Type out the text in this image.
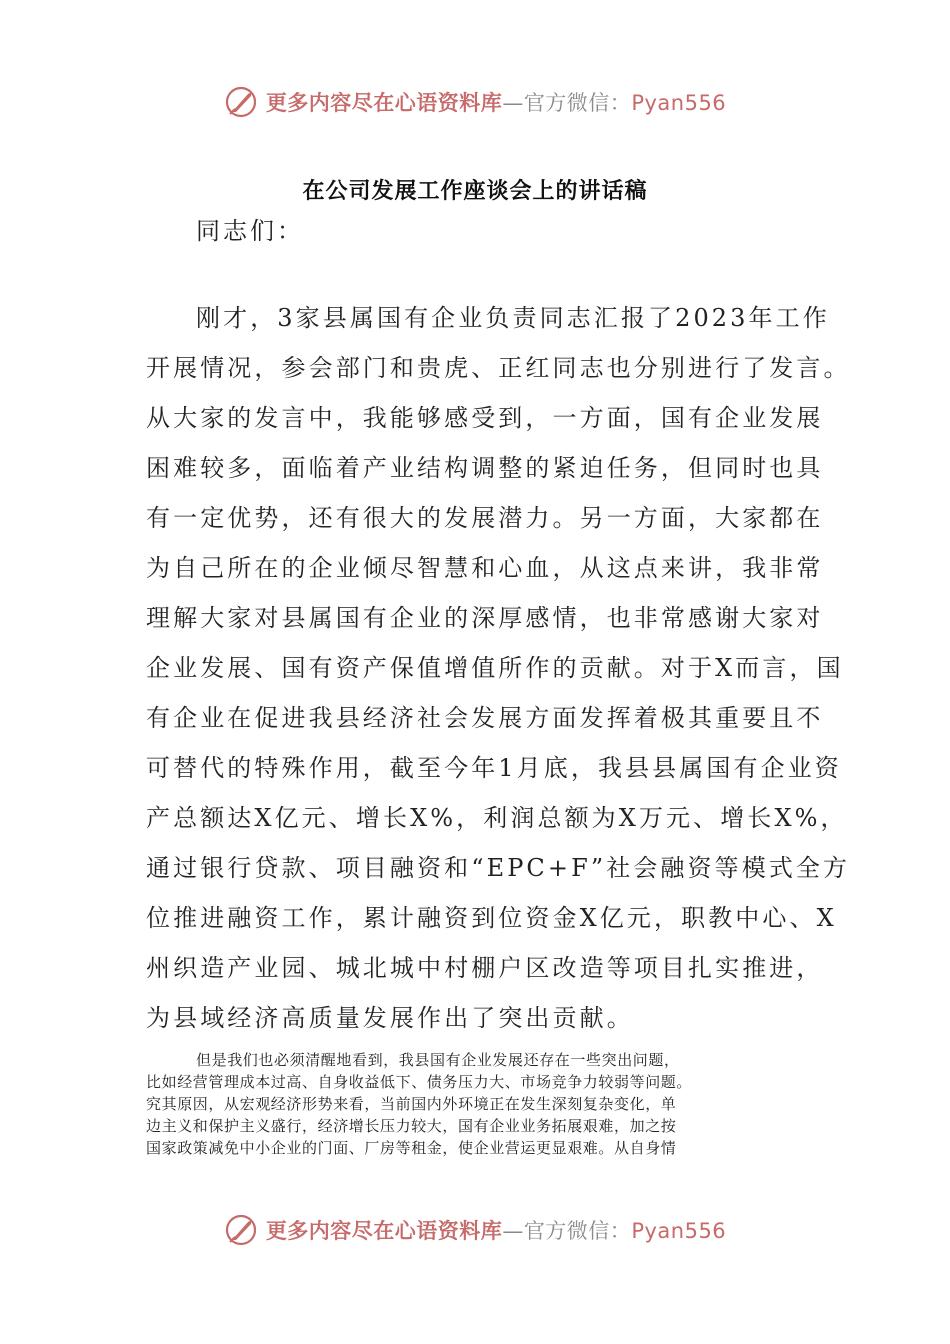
更多内容尽在心语资料库—官方微信：Pyan556
在公司发展工作座谈会上的讲话稿
同志们：
刚才，3家县属国有企业负责同志汇报了2023年工作
开展情况，参会部门和贵虎、正红同志也分别进行了发言。
从大家的发言中，我能够感受到，一方面，国有企业发展
困难较多，面临着产业结构调整的紧迫任务，但同时也具
有一定优势，还有很大的发展潜力。另一方面，大家都在
为自己所在的企业倾尽智慧和心血，从这点来讲，我非常
理解大家对县属国有企业的深厚感情，也非常感谢大家对
企业发展、国有资产保值增值所作的贡献。对于X而言，国
有企业在促进我县经济社会发展方面发挥着极其重要且不
可替代的特殊作用，截至今年1月底，我县县属国有企业资
产总额达X亿元、增长X%，利润总额为X万元、增长X%，
通过银行贷款、项目融资和“EPC+F”社会融资等模式全方
位推进融资工作，累计融资到位资金X亿元，职教中心、X
州织造产业园、城北城中村棚户区改造等项目扎实推进，
为县域经济高质量发展作出了突出贡献。
但是我们也必须清醒地看到，我县国有企业发展还存在一些突出问题，
比如经营管理成本过高、自身收益低下、债务压力大、市场竞争力较弱等问题。
究其原因，从宏观经济形势来看，当前国内外环境正在发生深刻复杂变化，单
边主义和保护主义盛行，经济增长压力较大，国有企业业务拓展艰难，加之按
国家政策减免中小企业的门面、厂房等租金，使企业营运更显艰难。从自身情
更多内容尽在心语资料库—官方微信：Pyan556
